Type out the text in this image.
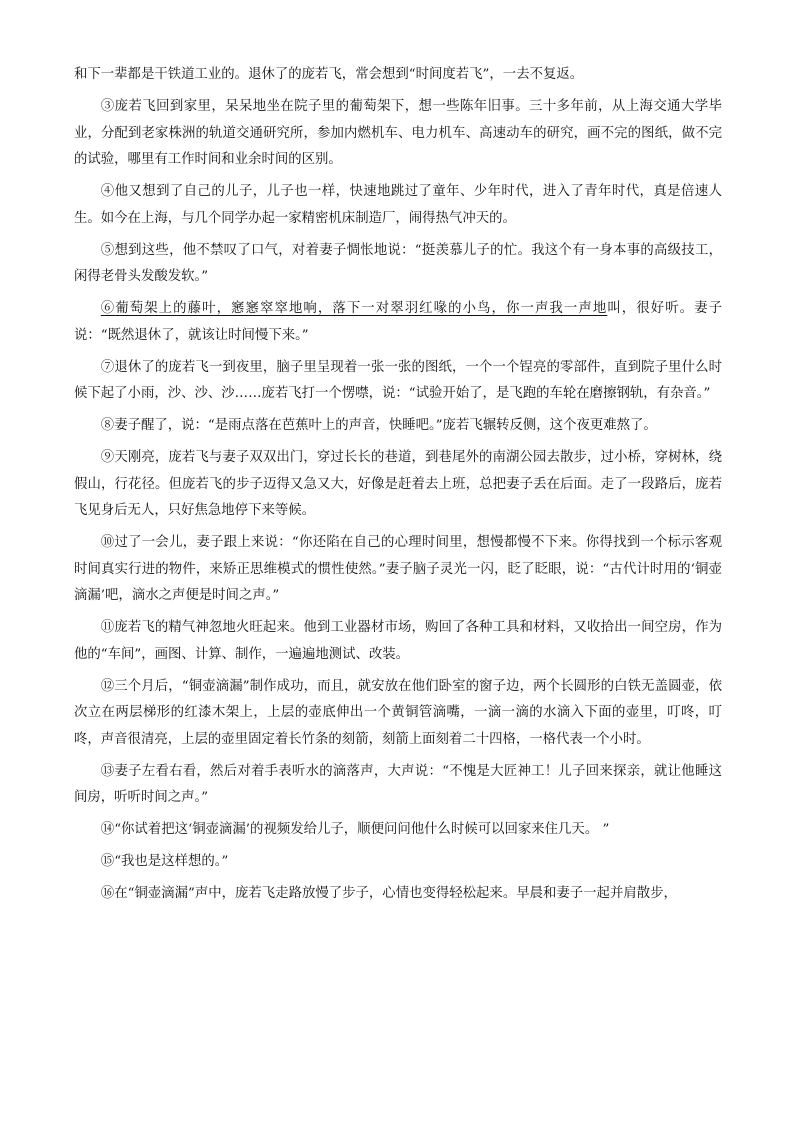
和下一辈都是干铁道工业的。退休了的庞若飞，常会想到“时间度若飞”，一去不复返。

③庞若飞回到家里，呆呆地坐在院子里的葡萄架下，想一些陈年旧事。三十多年前，从上海交通大学毕业，分配到老家株洲的轨道交通研究所，参加内燃机车、电力机车、高速动车的研究，画不完的图纸，做不完的试验，哪里有工作时间和业余时间的区别。

④他又想到了自己的儿子，儿子也一样，快速地跳过了童年、少年时代，进入了青年时代，真是倍速人生。如今在上海，与几个同学办起一家精密机床制造厂，闹得热气冲天的。

⑤想到这些，他不禁叹了口气，对着妻子惆怅地说：“挺羡慕儿子的忙。我这个有一身本事的高级技工，闲得老骨头发酸发软。”

⑥葡萄架上的藤叶，窸窸窣窣地响，落下一对翠羽红喙的小鸟，你一声我一声地叫，很好听。妻子说：“既然退休了，就该让时间慢下来。”

⑦退休了的庞若飞一到夜里，脑子里呈现着一张一张的图纸，一个一个锃亮的零部件，直到院子里什么时候下起了小雨，沙、沙、沙……庞若飞打一个愣噤，说：“试验开始了，是飞跑的车轮在磨擦钢轨，有杂音。”

⑧妻子醒了，说：“是雨点落在芭蕉叶上的声音，快睡吧。”庞若飞辗转反侧，这个夜更难熬了。

⑨天刚亮，庞若飞与妻子双双出门，穿过长长的巷道，到巷尾外的南湖公园去散步，过小桥，穿树林，绕假山，行花径。但庞若飞的步子迈得又急又大，好像是赶着去上班，总把妻子丢在后面。走了一段路后，庞若飞见身后无人，只好焦急地停下来等候。

⑩过了一会儿，妻子跟上来说：“你还陷在自己的心理时间里，想慢都慢不下来。你得找到一个标示客观时间真实行进的物件，来矫正思维模式的惯性使然。”妻子脑子灵光一闪，眨了眨眼，说：“古代计时用的‘铜壶滴漏’吧，滴水之声便是时间之声。”

⑪庞若飞的精气神忽地火旺起来。他到工业器材市场，购回了各种工具和材料，又收拾出一间空房，作为他的“车间”，画图、计算、制作，一遍遍地测试、改装。

⑫三个月后，“铜壶滴漏”制作成功，而且，就安放在他们卧室的窗子边，两个长圆形的白铁无盖圆壶，依次立在两层梯形的红漆木架上，上层的壶底伸出一个黄铜管滴嘴，一滴一滴的水滴入下面的壶里，叮咚，叮咚，声音很清亮，上层的壶里固定着长竹条的刻箭，刻箭上面刻着二十四格，一格代表一个小时。

⑬妻子左看右看，然后对着手表听水的滴落声，大声说：“不愧是大匠神工！儿子回来探亲，就让他睡这间房，听听时间之声。”

⑭“你试着把这‘铜壶滴漏’的视频发给儿子，顺便问问他什么时候可以回家来住几天。 ”

⑮“我也是这样想的。”

⑯在“铜壶滴漏”声中，庞若飞走路放慢了步子，心情也变得轻松起来。早晨和妻子一起并肩散步，
